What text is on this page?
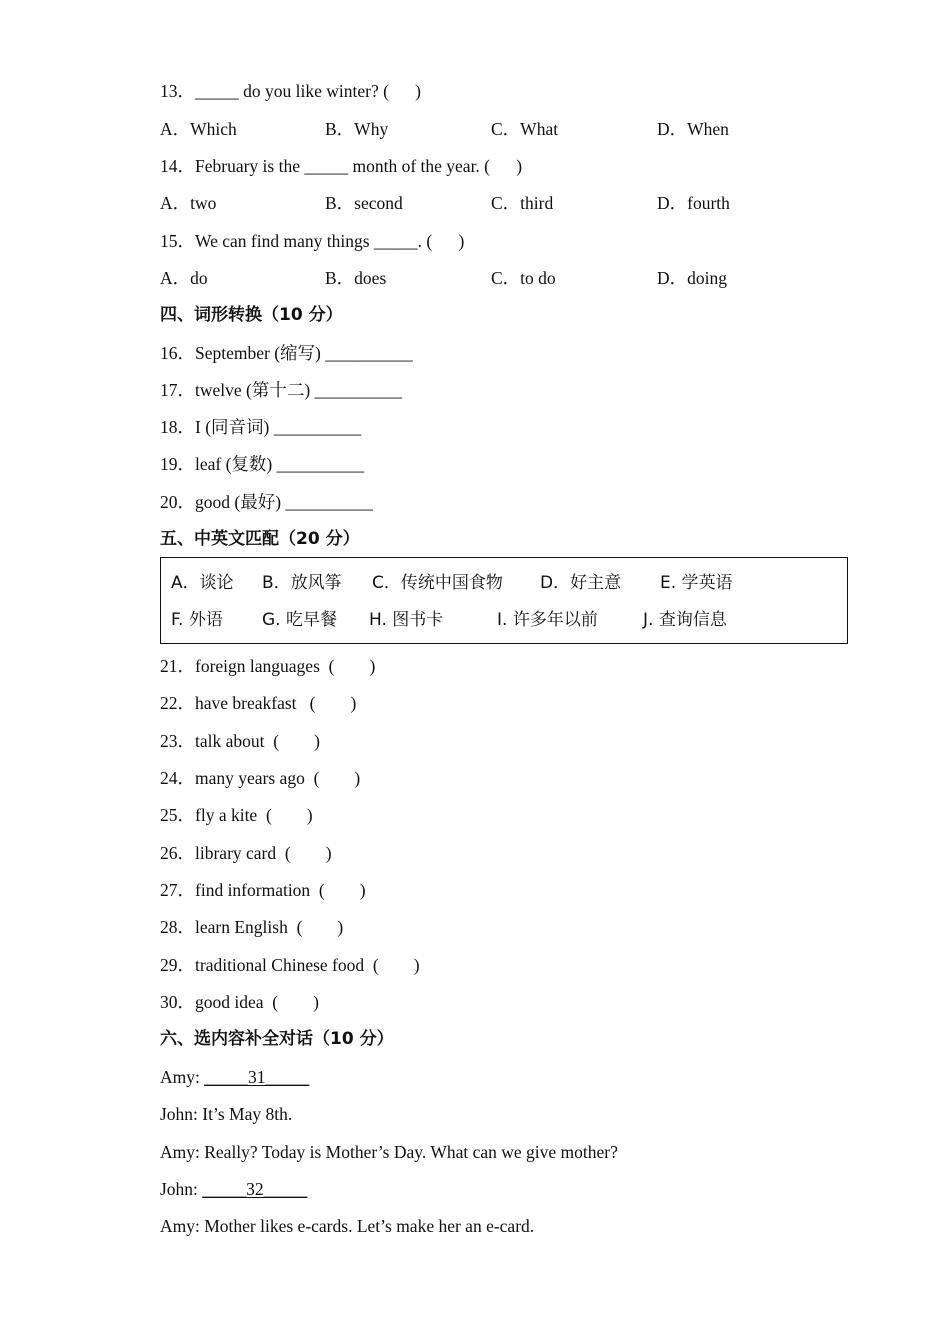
13．_____ do you like winter? (      )
A．Which	B．Why	C．What	D．When
14．February is the _____ month of the year. (      )
A．two	B．second	C．third	D．fourth
15．We can find many things _____. (      )
A．do	B．does	C．to do	D．doing
四、词形转换（10 分）
16．September (缩写) __________
17．twelve (第十二) __________
18．I (同音词) __________
19．leaf (复数) __________
20．good (最好) __________
五、中英文匹配（20 分）
A．谈论 B．放风筝 C．传统中国食物 D．好主意 E. 学英语
F. 外语 G. 吃早餐 H. 图书卡	I. 许多年以前	J. 查询信息
21．foreign languages  (        )
22．have breakfast   (        )
23．talk about  (        )
24．many years ago  (        )
25．fly a kite  (        )
26．library card  (        )
27．find information  (        )
28．learn English  (        )
29．traditional Chinese food  (        )
30．good idea  (        )
六、选内容补全对话（10 分）
Amy: _____31_____
John: It’s May 8th.
Amy: Really? Today is Mother’s Day. What can we give mother?
John: _____32_____
Amy: Mother likes e-cards. Let’s make her an e-card.
